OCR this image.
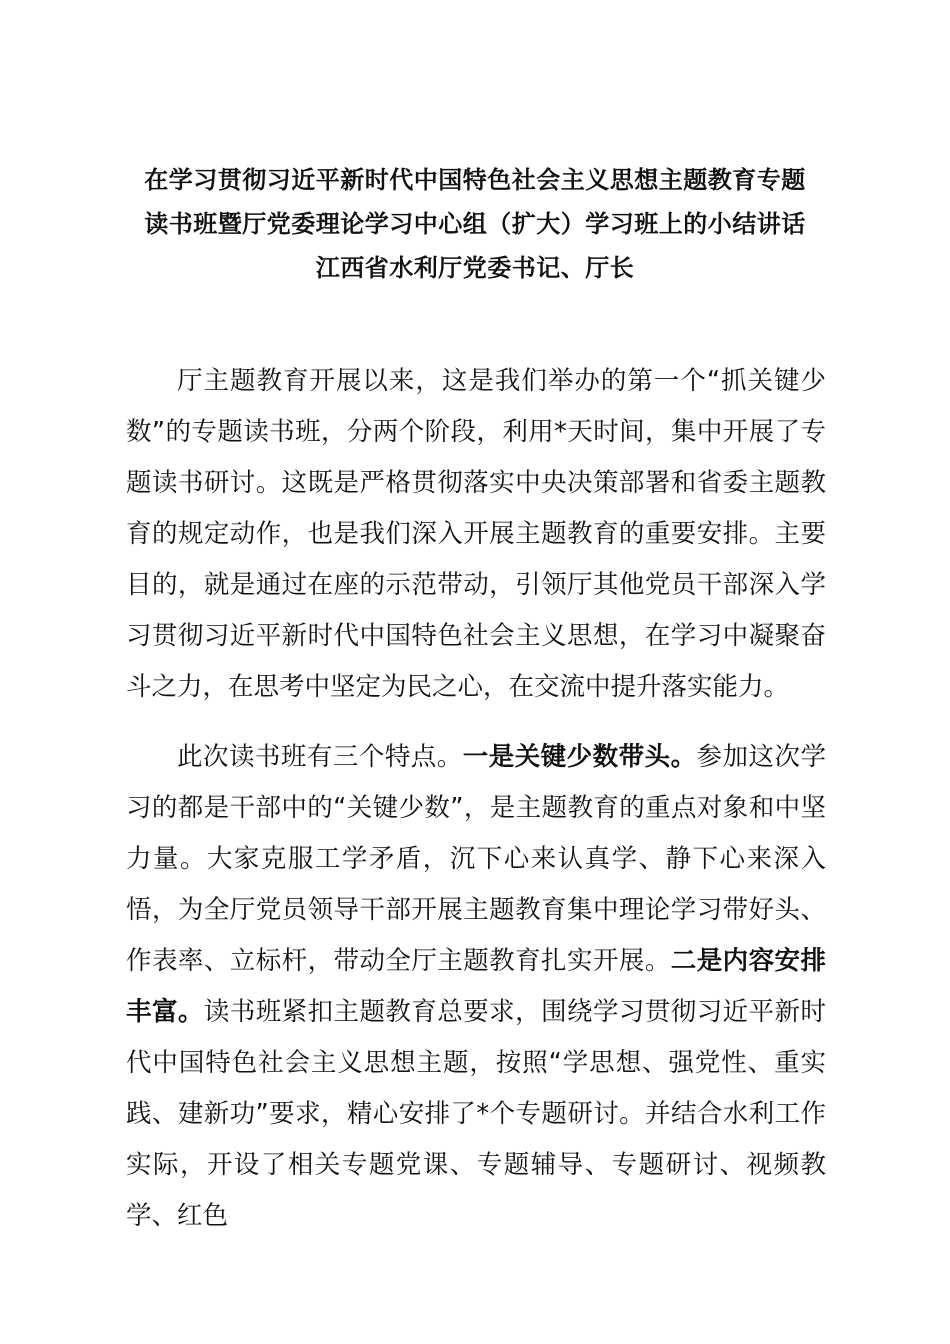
在学习贯彻习近平新时代中国特色社会主义思想主题教育专题
读书班暨厅党委理论学习中心组（扩大）学习班上的小结讲话
江西省水利厅党委书记、厅长

厅主题教育开展以来，这是我们举办的第一个“抓关键少数”的专题读书班，分两个阶段，利用*天时间，集中开展了专题读书研讨。这既是严格贯彻落实中央决策部署和省委主题教育的规定动作，也是我们深入开展主题教育的重要安排。主要目的，就是通过在座的示范带动，引领厅其他党员干部深入学习贯彻习近平新时代中国特色社会主义思想，在学习中凝聚奋斗之力，在思考中坚定为民之心，在交流中提升落实能力。

此次读书班有三个特点。一是关键少数带头。参加这次学习的都是干部中的“关键少数”，是主题教育的重点对象和中坚力量。大家克服工学矛盾，沉下心来认真学、静下心来深入悟，为全厅党员领导干部开展主题教育集中理论学习带好头、作表率、立标杆，带动全厅主题教育扎实开展。二是内容安排丰富。读书班紧扣主题教育总要求，围绕学习贯彻习近平新时代中国特色社会主义思想主题，按照“学思想、强党性、重实践、建新功”要求，精心安排了*个专题研讨。并结合水利工作实际，开设了相关专题党课、专题辅导、专题研讨、视频教学、红色
